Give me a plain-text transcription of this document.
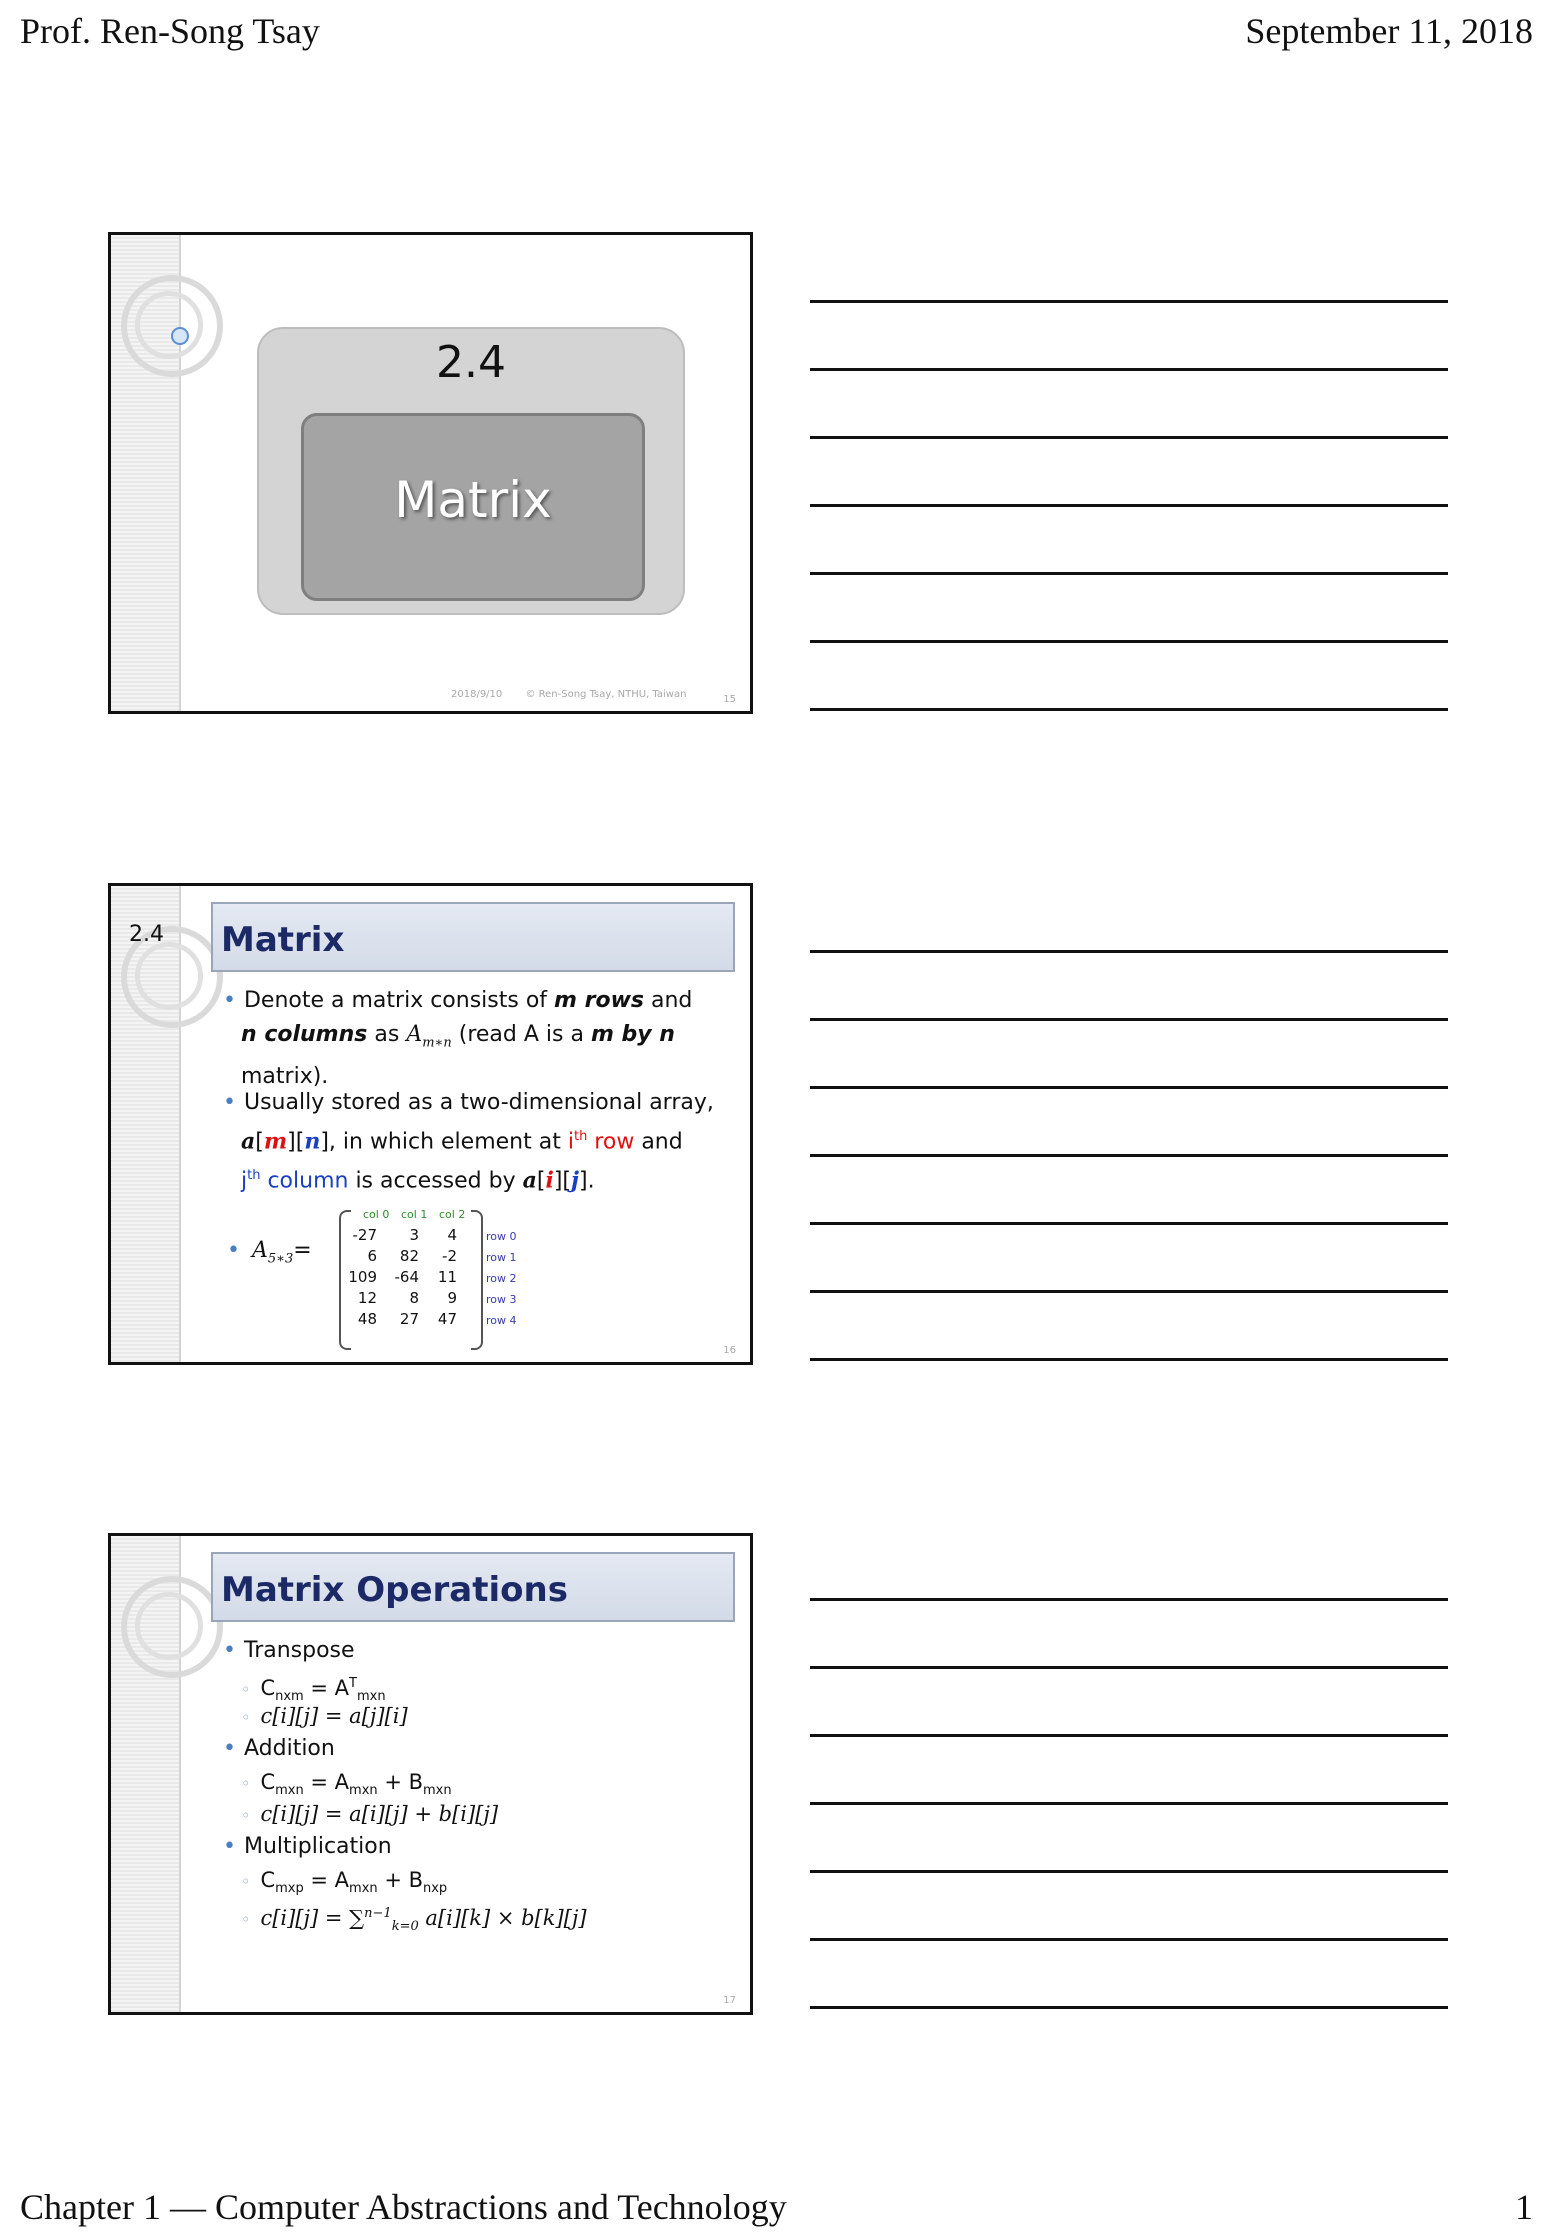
Prof. Ren-Song Tsay	September 11, 2018
2.4
Matrix
2018/9/10 © Ren-Song Tsay, NTHU, Taiwan	15
2.4 Matrix
• Denote a matrix consists of m rows and
n columns as $A_{m∗n}$ (read A is a m by n
matrix).
• Usually stored as a two-dimensional array,
a[m][n], in which element at $i^{th}$ row and
$j^{th}$ column is accessed by a[i][j].
• $A_{5∗3}=$
col 0 col 1 col 2
-27	3	4
6	82	-2
109	-64	11
12	8	9
48	27	47
row 0
row 1
row 2
row 3
row 4
16
Matrix Operations
• Transpose
◦ $C_{nxm} = A^T_{mxn}$
◦ c[i][j] = a[j][i]
• Addition
◦ $C_{mxn} = A_{mxn} + B_{mxn}$
◦ c[i][j] = a[i][j] + b[i][j]
• Multiplication
◦ $C_{mxp} = A_{mxn} + B_{nxp}$
◦ c[i][j] = ∑$^{n-1}_{k=0}$ a[i][k] × b[k][j]
17
Chapter 1 — Computer Abstractions and Technology	1
